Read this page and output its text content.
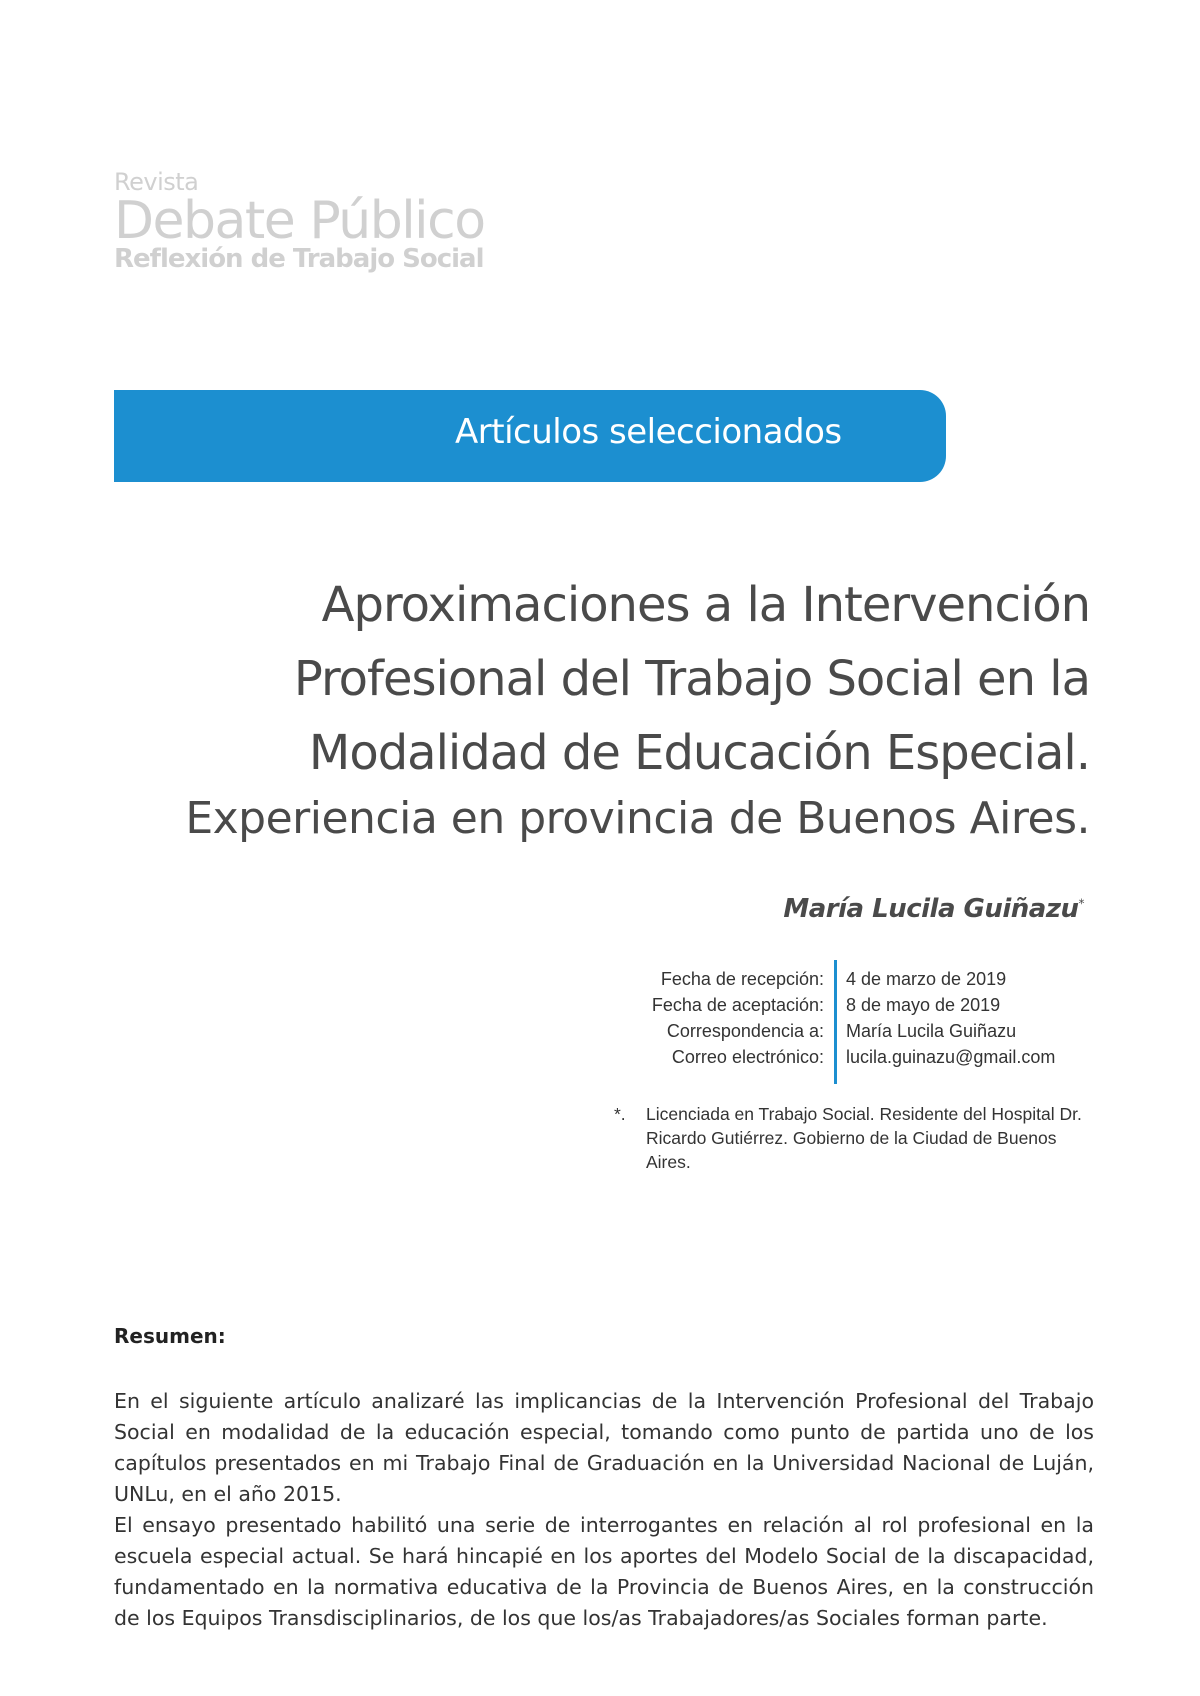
Revista
Debate Público
Reflexión de Trabajo Social
Artículos seleccionados
Aproximaciones a la Intervención
Profesional del Trabajo Social en la
Modalidad de Educación Especial.
Experiencia en provincia de Buenos Aires.
María Lucila Guiñazu*
Fecha de recepción:
Fecha de aceptación:
Correspondencia a:
Correo electrónico:
4 de marzo de 2019
8 de mayo de 2019
María Lucila Guiñazu
lucila.guinazu@gmail.com
*. Licenciada en Trabajo Social. Residente del Hospital Dr. Ricardo Gutiérrez. Gobierno de la Ciudad de Buenos Aires.
Resumen:

En el siguiente artículo analizaré las implicancias de la Intervención Profesional del Trabajo Social en modalidad de la educación especial, tomando como punto de partida uno de los capítulos presentados en mi Trabajo Final de Graduación en la Universidad Nacional de Luján, UNLu, en el año 2015.

El ensayo presentado habilitó una serie de interrogantes en relación al rol profesional en la escuela especial actual. Se hará hincapié en los aportes del Modelo Social de la discapacidad, fundamentado en la normativa educativa de la Provincia de Buenos Aires, en la construcción de los Equipos Transdisciplinarios, de los que los/as Trabajadores/as Sociales forman parte.
